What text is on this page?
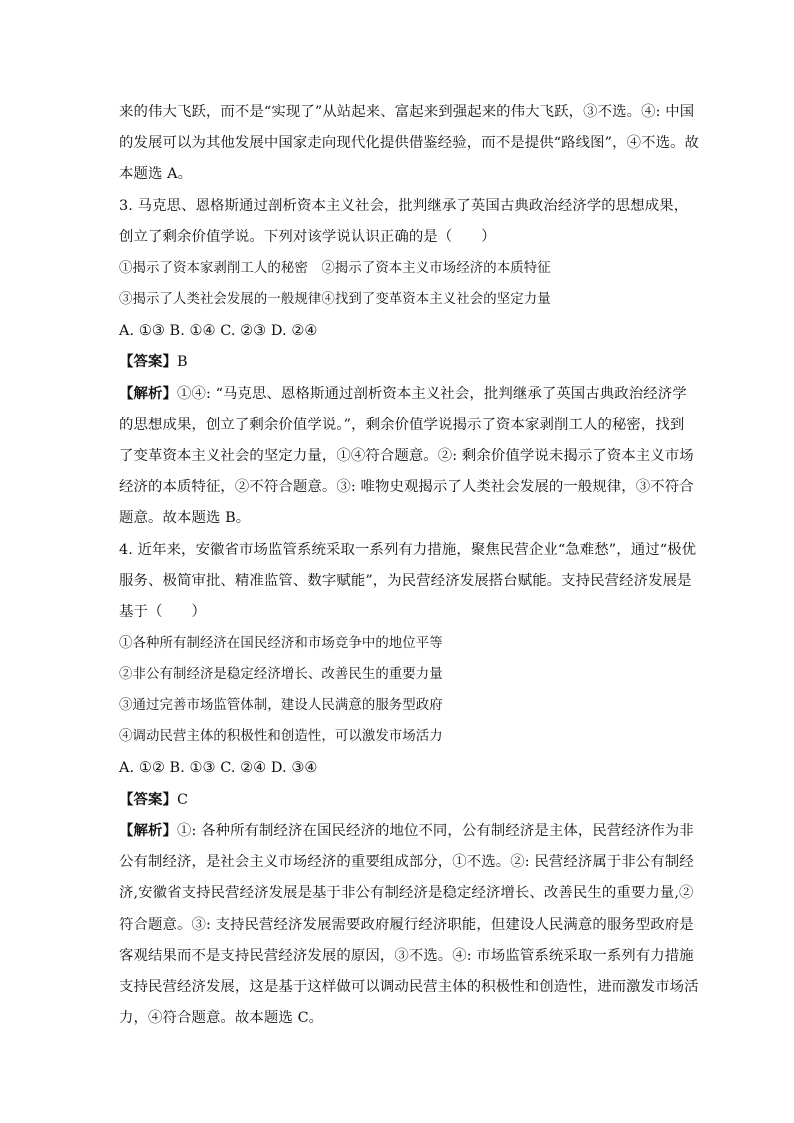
来的伟大飞跃，而不是“实现了”从站起来、富起来到强起来的伟大飞跃，③不选。④: 中国
的发展可以为其他发展中国家走向现代化提供借鉴经验，而不是提供“路线图”，④不选。故
本题选 A。
3. 马克思、恩格斯通过剖析资本主义社会，批判继承了英国古典政治经济学的思想成果，
创立了剩余价值学说。下列对该学说认识正确的是（　　）
①揭示了资本家剥削工人的秘密　②揭示了资本主义市场经济的本质特征
③揭示了人类社会发展的一般规律④找到了变革资本主义社会的坚定力量
A. ①③ B. ①④ C. ②③ D. ②④
【答案】B
【解析】①④: “马克思、恩格斯通过剖析资本主义社会，批判继承了英国古典政治经济学
的思想成果，创立了剩余价值学说。”，剩余价值学说揭示了资本家剥削工人的秘密，找到
了变革资本主义社会的坚定力量，①④符合题意。②: 剩余价值学说未揭示了资本主义市场
经济的本质特征，②不符合题意。③: 唯物史观揭示了人类社会发展的一般规律，③不符合
题意。故本题选 B。
4. 近年来，安徽省市场监管系统采取一系列有力措施，聚焦民营企业“急难愁”，通过“极优
服务、极简审批、精准监管、数字赋能”，为民营经济发展搭台赋能。支持民营经济发展是
基于（　　）
①各种所有制经济在国民经济和市场竞争中的地位平等
②非公有制经济是稳定经济增长、改善民生的重要力量
③通过完善市场监管体制，建设人民满意的服务型政府
④调动民营主体的积极性和创造性，可以激发市场活力
A. ①② B. ①③ C. ②④ D. ③④
【答案】C
【解析】①: 各种所有制经济在国民经济的地位不同，公有制经济是主体，民营经济作为非
公有制经济，是社会主义市场经济的重要组成部分，①不选。②: 民营经济属于非公有制经
济,安徽省支持民营经济发展是基于非公有制经济是稳定经济增长、改善民生的重要力量,②
符合题意。③: 支持民营经济发展需要政府履行经济职能，但建设人民满意的服务型政府是
客观结果而不是支持民营经济发展的原因，③不选。④: 市场监管系统采取一系列有力措施
支持民营经济发展，这是基于这样做可以调动民营主体的积极性和创造性，进而激发市场活
力，④符合题意。故本题选 C。
